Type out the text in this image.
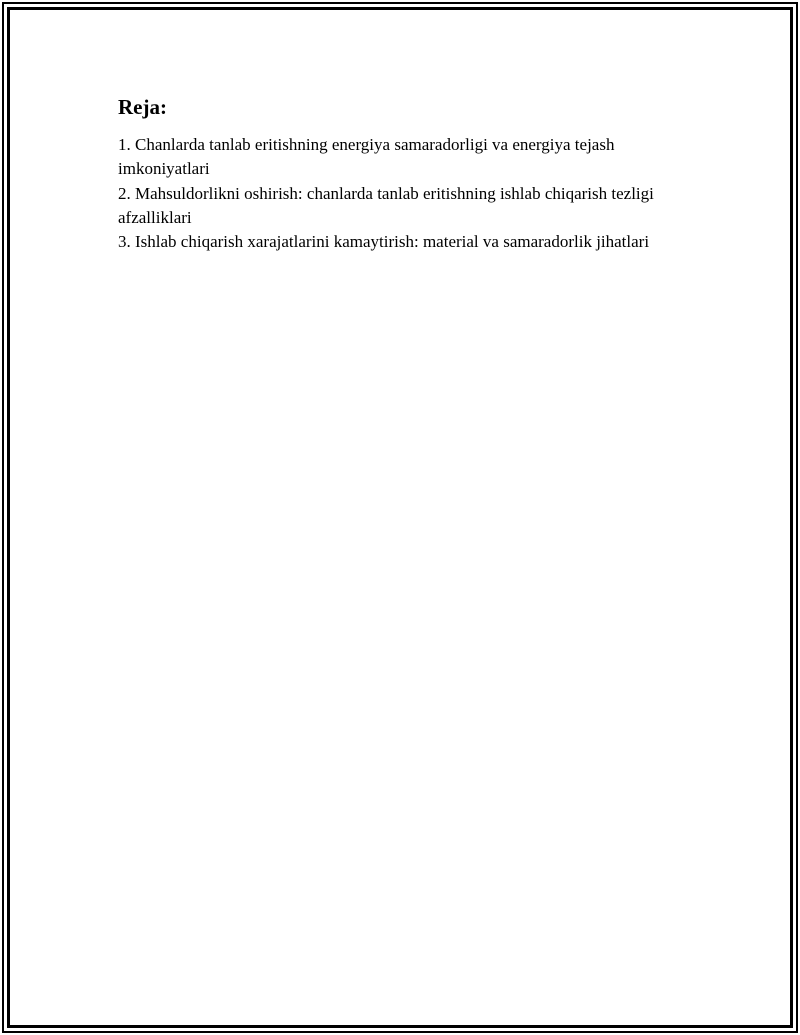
Reja:
1. Chanlarda tanlab eritishning energiya samaradorligi va energiya tejash imkoniyatlari
2. Mahsuldorlikni oshirish: chanlarda tanlab eritishning ishlab chiqarish tezligi afzalliklari
3. Ishlab chiqarish xarajatlarini kamaytirish: material va samaradorlik jihatlari
